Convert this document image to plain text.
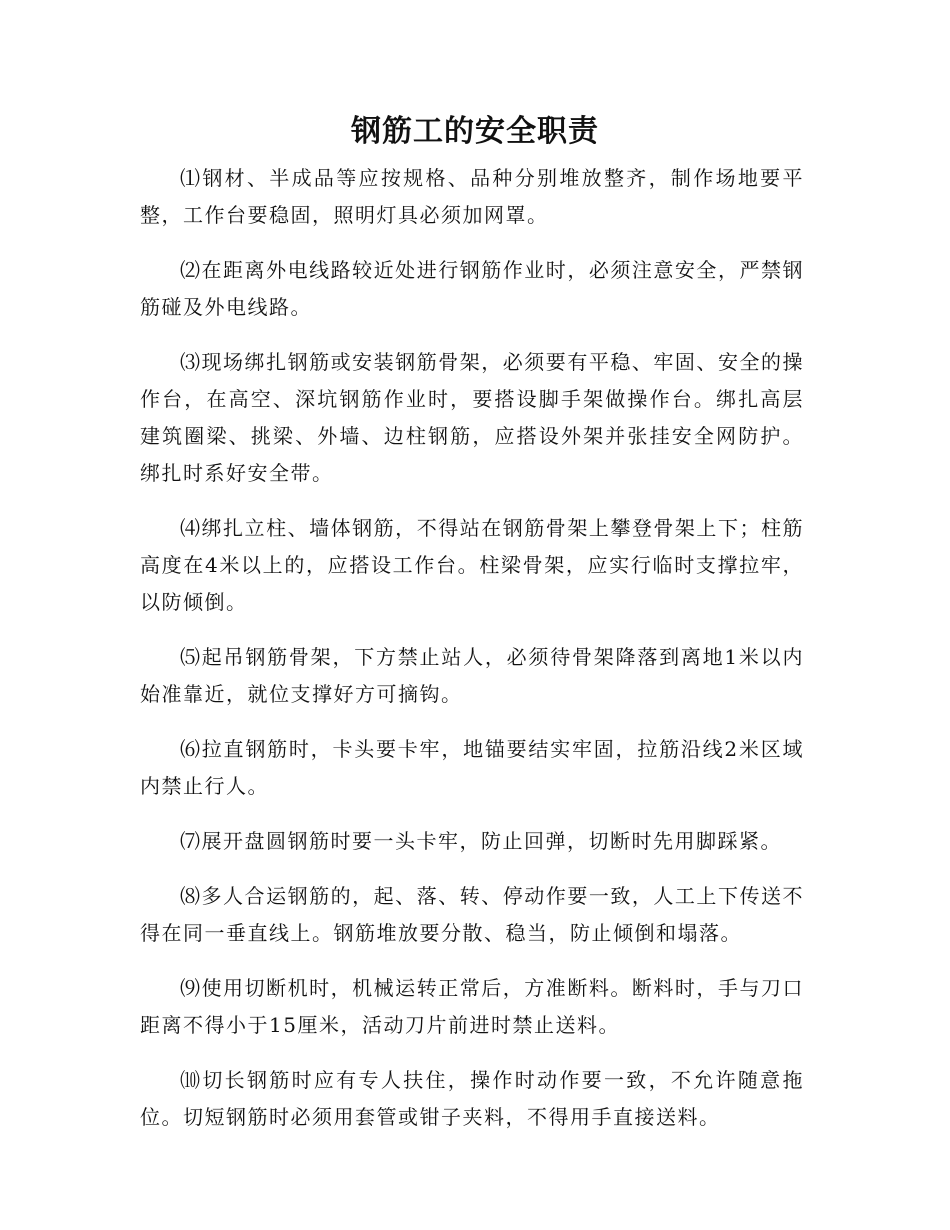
钢筋工的安全职责

⑴钢材、半成品等应按规格、品种分别堆放整齐，制作场地要平整，工作台要稳固，照明灯具必须加网罩。

⑵在距离外电线路较近处进行钢筋作业时，必须注意安全，严禁钢筋碰及外电线路。

⑶现场绑扎钢筋或安装钢筋骨架，必须要有平稳、牢固、安全的操作台，在高空、深坑钢筋作业时，要搭设脚手架做操作台。绑扎高层建筑圈梁、挑梁、外墙、边柱钢筋，应搭设外架并张挂安全网防护。绑扎时系好安全带。

⑷绑扎立柱、墙体钢筋，不得站在钢筋骨架上攀登骨架上下；柱筋高度在4米以上的，应搭设工作台。柱梁骨架，应实行临时支撑拉牢，以防倾倒。

⑸起吊钢筋骨架，下方禁止站人，必须待骨架降落到离地1米以内始准靠近，就位支撑好方可摘钩。

⑹拉直钢筋时，卡头要卡牢，地锚要结实牢固，拉筋沿线2米区域内禁止行人。

⑺展开盘圆钢筋时要一头卡牢，防止回弹，切断时先用脚踩紧。

⑻多人合运钢筋的，起、落、转、停动作要一致，人工上下传送不得在同一垂直线上。钢筋堆放要分散、稳当，防止倾倒和塌落。

⑼使用切断机时，机械运转正常后，方准断料。断料时，手与刀口距离不得小于15厘米，活动刀片前进时禁止送料。

⑽切长钢筋时应有专人扶住，操作时动作要一致，不允许随意拖位。切短钢筋时必须用套管或钳子夹料，不得用手直接送料。
